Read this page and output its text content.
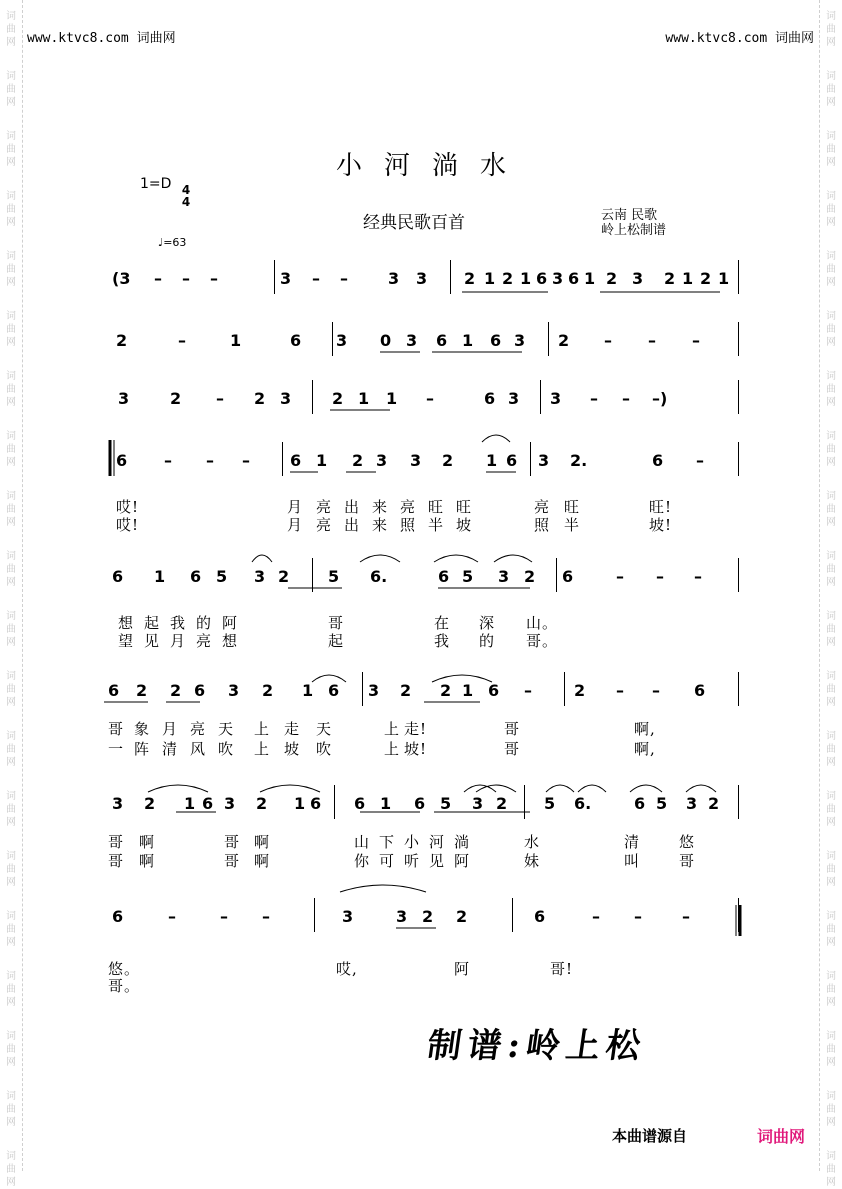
词
曲
网
词
曲
网
词
曲
网
词
曲
网
词
曲
网
词
曲
网
词
曲
网
词
曲
网
词
曲
网
词
曲
网
词
曲
网
词
曲
网
词
曲
网
词
曲
网
词
曲
网
词
曲
网
词
曲
网
词
曲
网
词
曲
网
词
曲
网
词
曲
网
词
曲
网
词
曲
网
词
曲
网
词
曲
网
词
曲
网
词
曲
网
词
曲
网
词
曲
网
词
曲
网
词
曲
网
词
曲
网
词
曲
网
词
曲
网
词
曲
网
词
曲
网
词
曲
网
词
曲
网
词
曲
网
词
曲
网
www.ktvc8.com 词曲网	www.ktvc8.com 词曲网
小河淌水
1=D 4
4
经典民歌百首	云南 民歌
岭上松制谱
♩=63
(3 – – –	3 – –	3 3 2 1 2 1 6 3 6 1 2 3 2 1 2 1
2	–	1	6 3 0 3 6 1 6 3 2 – – –
3	2 – 2 3	2 1 1 –	6 3 3 – – –)
6 – – –	6 1 2 3 3 2 1 6 3 2.	6 –
6 1 6 5 3 2 5 6.	6 5 3 2 6	– – –
6 2 2 6 3 2 1 6 3 2 2 1 6 –	2 – – 6
3 2 1 6 3 2 1 6 6 1 6 5 3 2 5 6.	6 5 3 2
6	–	– –	3	3 2 2	6	– –	–
哎!	月 亮 出 来 亮 旺 旺	亮 旺	旺!
哎!	月 亮 出 来 照 半 坡	照 半	坡!
想 起 我 的 阿	哥	在 深 山。
望 见 月 亮 想	起	我 的 哥。
哥 象 月 亮 天 上 走 天	上 走!	哥	啊,
一 阵 清 风 吹 上 坡 吹	上 坡!	哥	啊,
哥 啊	哥 啊	山 下 小 河 淌	水	清	悠
哥 啊	哥 啊	你 可 听 见 阿	妹	叫	哥
悠。	哎,	阿	哥!
哥。
制谱:岭上松
本曲谱源自	词曲网
